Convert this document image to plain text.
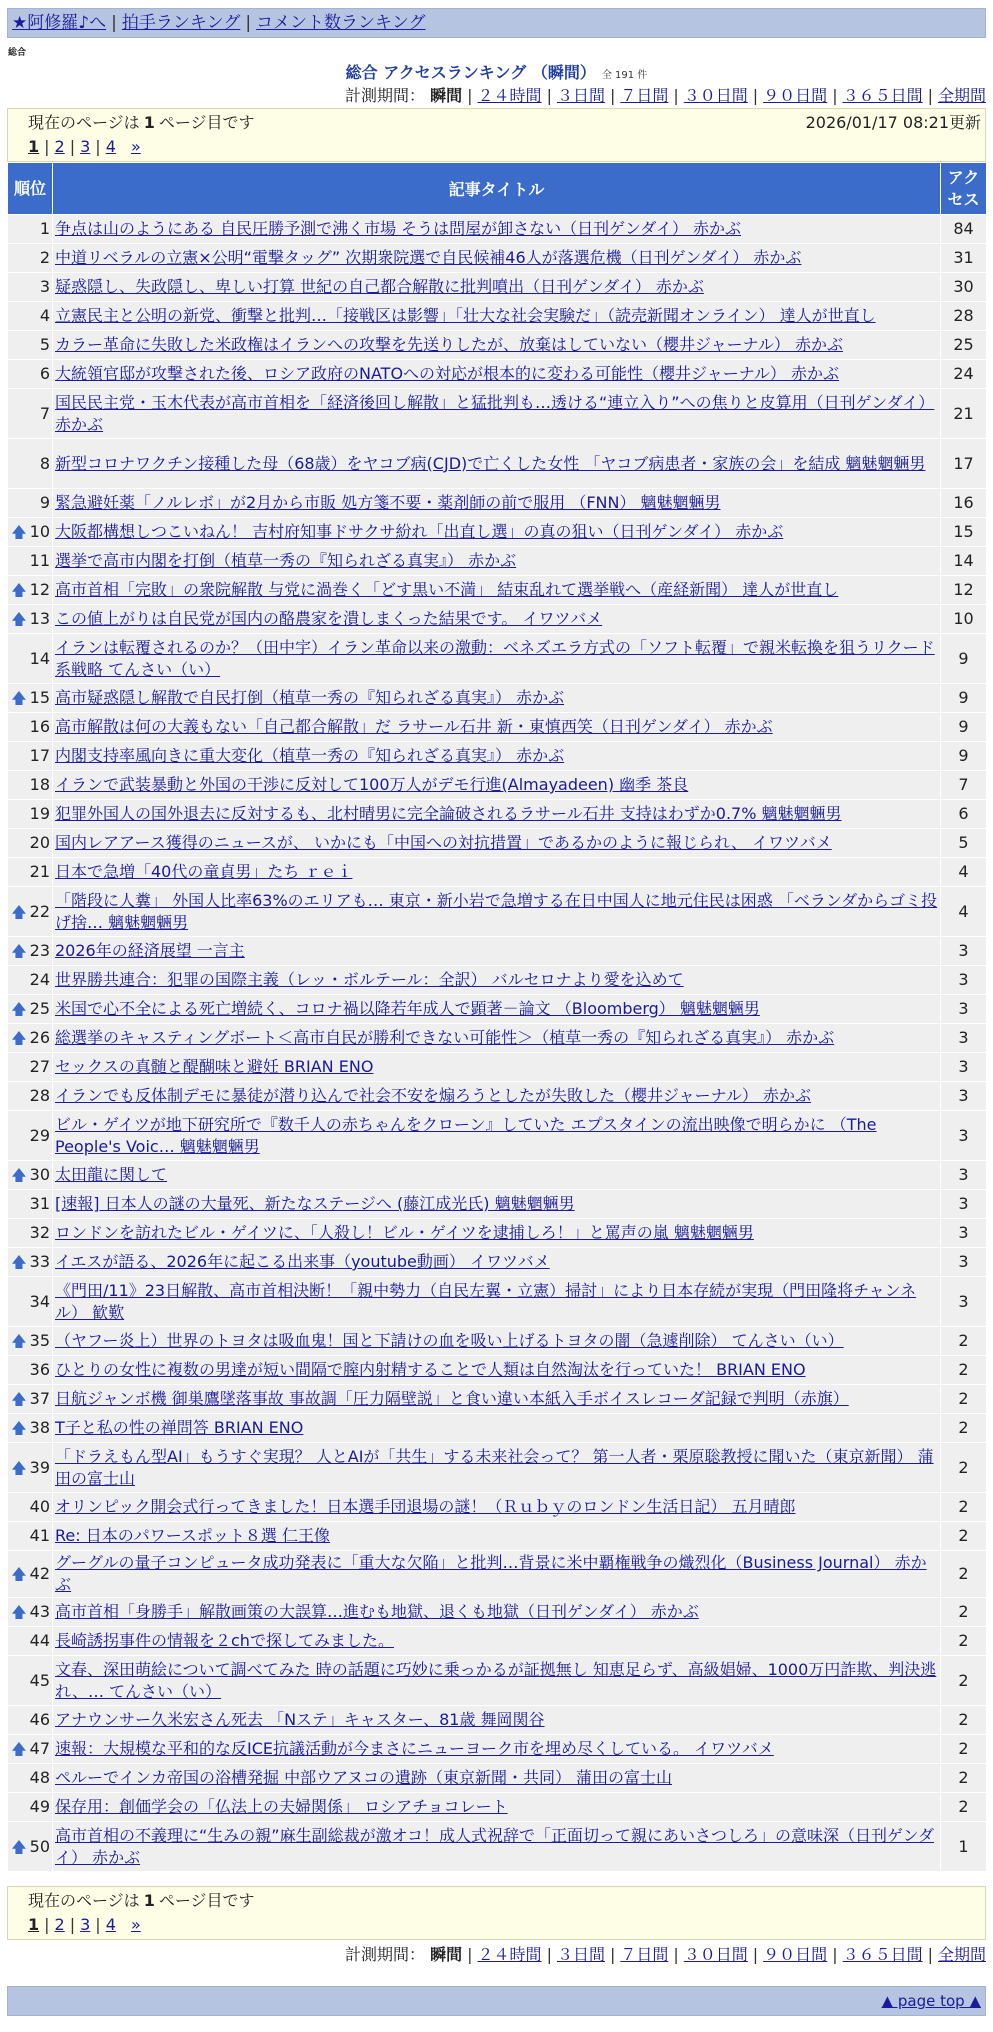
★阿修羅♪へ | 拍手ランキング | コメント数ランキング
総合
総合 アクセスランキング （瞬間） 全 191 件
計測期間： 瞬間 | ２４時間 | ３日間 | ７日間 | ３０日間 | ９０日間 | ３６５日間 | 全期間
現在のページは 1 ページ目です	2026/01/17 08:21更新
1 | 2 | 3 | 4 »
順位	記事タイトル	アクセス
1	争点は山のようにある 自民圧勝予測で沸く市場 そうは問屋が卸さない（日刊ゲンダイ） 赤かぶ	84
2	中道リベラルの立憲×公明“電撃タッグ” 次期衆院選で自民候補46人が落選危機（日刊ゲンダイ） 赤かぶ	31
3	疑惑隠し、失政隠し、卑しい打算 世紀の自己都合解散に批判噴出（日刊ゲンダイ） 赤かぶ	30
4	立憲民主と公明の新党、衝撃と批判…「接戦区は影響」「壮大な社会実験だ」（読売新聞オンライン） 達人が世直し	28
5	カラー革命に失敗した米政権はイランへの攻撃を先送りしたが、放棄はしていない（櫻井ジャーナル） 赤かぶ	25
6	大統領官邸が攻撃された後、ロシア政府のNATOへの対応が根本的に変わる可能性（櫻井ジャーナル） 赤かぶ	24
7	国民民主党・玉木代表が高市首相を「経済後回し解散」と猛批判も…透ける“連立入り”への焦りと皮算用（日刊ゲンダイ） 赤かぶ	21
8	新型コロナワクチン接種した母（68歳）をヤコブ病(CJD)で亡くした女性 「ヤコブ病患者・家族の会」を結成 魑魅魍魎男	17
9	緊急避妊薬「ノルレボ」が2月から市販 処方箋不要・薬剤師の前で服用 （FNN） 魑魅魍魎男	16
🡅 10	大阪都構想しつこいねん！ 吉村府知事ドサクサ紛れ「出直し選」の真の狙い（日刊ゲンダイ） 赤かぶ	15
11	選挙で高市内閣を打倒（植草一秀の『知られざる真実』） 赤かぶ	14
🡅 12	高市首相「完敗」の衆院解散 与党に渦巻く「どす黒い不満」 結束乱れて選挙戦へ（産経新聞） 達人が世直し	12
🡅 13	この値上がりは自民党が国内の酪農家を潰しまくった結果です。 イワツバメ	10
14	イランは転覆されるのか？（田中宇）イラン革命以来の激動：ベネズエラ方式の「ソフト転覆」で親米転換を狙うリクード系戦略 てんさい（い）	9
🡅 15	高市疑惑隠し解散で自民打倒（植草一秀の『知られざる真実』） 赤かぶ	9
16	高市解散は何の大義もない「自己都合解散」だ ラサール石井 新・東慎西笑（日刊ゲンダイ） 赤かぶ	9
17	内閣支持率風向きに重大変化（植草一秀の『知られざる真実』） 赤かぶ	9
18	イランで武装暴動と外国の干渉に反対して100万人がデモ行進(Almayadeen) 幽季 茶良	7
19	犯罪外国人の国外退去に反対するも、北村晴男に完全論破されるラサール石井 支持はわずか0.7% 魑魅魍魎男	6
20	国内レアアース獲得のニュースが、 いかにも「中国への対抗措置」であるかのように報じられ、 イワツバメ	5
21	日本で急増「40代の童貞男」たち ｒｅｉ	4
🡅 22	「階段に人糞」 外国人比率63%のエリアも… 東京・新小岩で急増する在日中国人に地元住民は困惑 「ベランダからゴミ投げ捨… 魑魅魍魎男	4
🡅 23	2026年の経済展望 一言主	3
24	世界勝共連合：犯罪の国際主義（レッ・ボルテール：全訳） バルセロナより愛を込めて	3
🡅 25	米国で心不全による死亡増続く、コロナ禍以降若年成人で顕著－論文 （Bloomberg） 魑魅魍魎男	3
🡅 26	総選挙のキャスティングボート＜高市自民が勝利できない可能性＞（植草一秀の『知られざる真実』） 赤かぶ	3
27	セックスの真髄と醍醐味と避妊 BRIAN ENO	3
28	イランでも反体制デモに暴徒が潜り込んで社会不安を煽ろうとしたが失敗した（櫻井ジャーナル） 赤かぶ	3
29	ビル・ゲイツが地下研究所で『数千人の赤ちゃんをクローン』していた エプスタインの流出映像で明らかに （The People's Voic… 魑魅魍魎男	3
🡅 30	太田龍に関して	3
31	[速報] 日本人の謎の大量死、新たなステージへ (藤江成光氏) 魑魅魍魎男	3
32	ロンドンを訪れたビル・ゲイツに、「人殺し！ビル・ゲイツを逮捕しろ！」と罵声の嵐 魑魅魍魎男	3
🡅 33	イエスが語る、2026年に起こる出来事（youtube動画） イワツバメ	3
34	《門田/11》23日解散、高市首相決断！「親中勢力（自民左翼・立憲）掃討」により日本存続が実現（門田隆将チャンネル） 歓歎	3
🡅 35	（ヤフー炎上）世界のトヨタは吸血鬼！国と下請けの血を吸い上げるトヨタの闇（急遽削除） てんさい（い）	2
36	ひとりの女性に複数の男達が短い間隔で膣内射精することで人類は自然淘汰を行っていた！ BRIAN ENO	2
🡅 37	日航ジャンボ機 御巣鷹墜落事故 事故調「圧力隔壁説」と食い違い本紙入手ボイスレコーダ記録で判明（赤旗）	2
🡅 38	T子と私の性の禅問答 BRIAN ENO	2
🡅 39	「ドラえもん型AI」もうすぐ実現？ 人とAIが「共生」する未来社会って？ 第一人者・栗原聡教授に聞いた（東京新聞） 蒲田の富士山	2
40	オリンピック開会式行ってきました！日本選手団退場の謎！（Ｒｕｂｙのロンドン生活日記） 五月晴郎	2
41	Re: 日本のパワースポット８選 仁王像	2
🡅 42	グーグルの量子コンピュータ成功発表に「重大な欠陥」と批判…背景に米中覇権戦争の熾烈化（Business Journal） 赤かぶ	2
🡅 43	高市首相「身勝手」解散画策の大誤算…進むも地獄、退くも地獄（日刊ゲンダイ） 赤かぶ	2
44	長崎誘拐事件の情報を２chで探してみました。	2
45	文春、深田萌絵について調べてみた 時の話題に巧妙に乗っかるが証拠無し 知恵足らず、高級娼婦、1000万円詐欺、判決逃れ、… てんさい（い）	2
46	アナウンサー久米宏さん死去 「Nステ」キャスター、81歳 舞岡関谷	2
🡅 47	速報：大規模な平和的な反ICE抗議活動が今まさにニューヨーク市を埋め尽くしている。 イワツバメ	2
48	ペルーでインカ帝国の浴槽発掘 中部ウアヌコの遺跡（東京新聞・共同） 蒲田の富士山	2
49	保存用：創価学会の「仏法上の夫婦関係」 ロシアチョコレート	2
🡅 50	高市首相の不義理に“生みの親”麻生副総裁が激オコ！成人式祝辞で「正面切って親にあいさつしろ」の意味深（日刊ゲンダイ） 赤かぶ	1
現在のページは 1 ページ目です
1 | 2 | 3 | 4 »
計測期間： 瞬間 | ２４時間 | ３日間 | ７日間 | ３０日間 | ９０日間 | ３６５日間 | 全期間
▲ page top ▲
